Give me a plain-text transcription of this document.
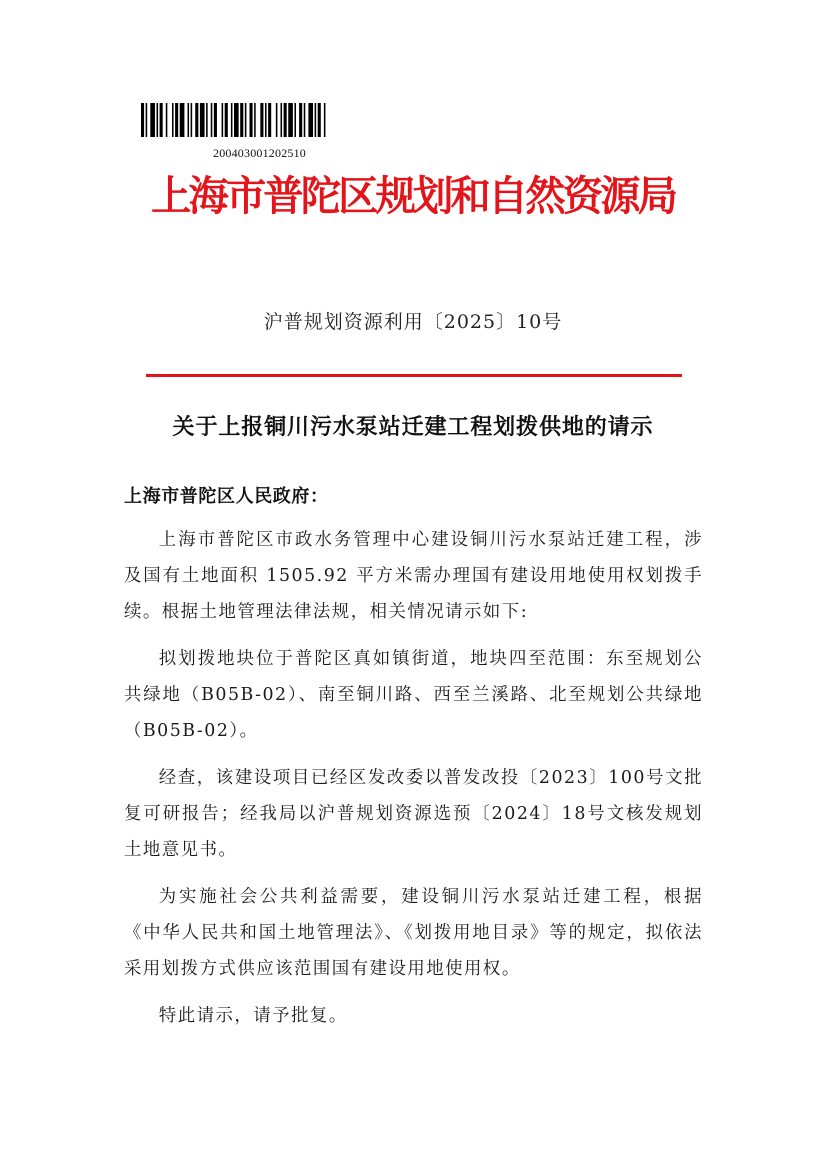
200403001202510
上海市普陀区规划和自然资源局
沪普规划资源利用〔2025〕10号
关于上报铜川污水泵站迁建工程划拨供地的请示
上海市普陀区人民政府：

上海市普陀区市政水务管理中心建设铜川污水泵站迁建工程，涉及国有土地面积 1505.92 平方米需办理国有建设用地使用权划拨手续。根据土地管理法律法规，相关情况请示如下:

拟划拨地块位于普陀区真如镇街道，地块四至范围：东至规划公共绿地（B05B-02）、南至铜川路、西至兰溪路、北至规划公共绿地（B05B-02）。

经查，该建设项目已经区发改委以普发改投〔2023〕100号文批复可研报告；经我局以沪普规划资源选预〔2024〕18号文核发规划土地意见书。

为实施社会公共利益需要，建设铜川污水泵站迁建工程，根据《中华人民共和国土地管理法》、《划拨用地目录》等的规定，拟依法采用划拨方式供应该范围国有建设用地使用权。

特此请示，请予批复。
